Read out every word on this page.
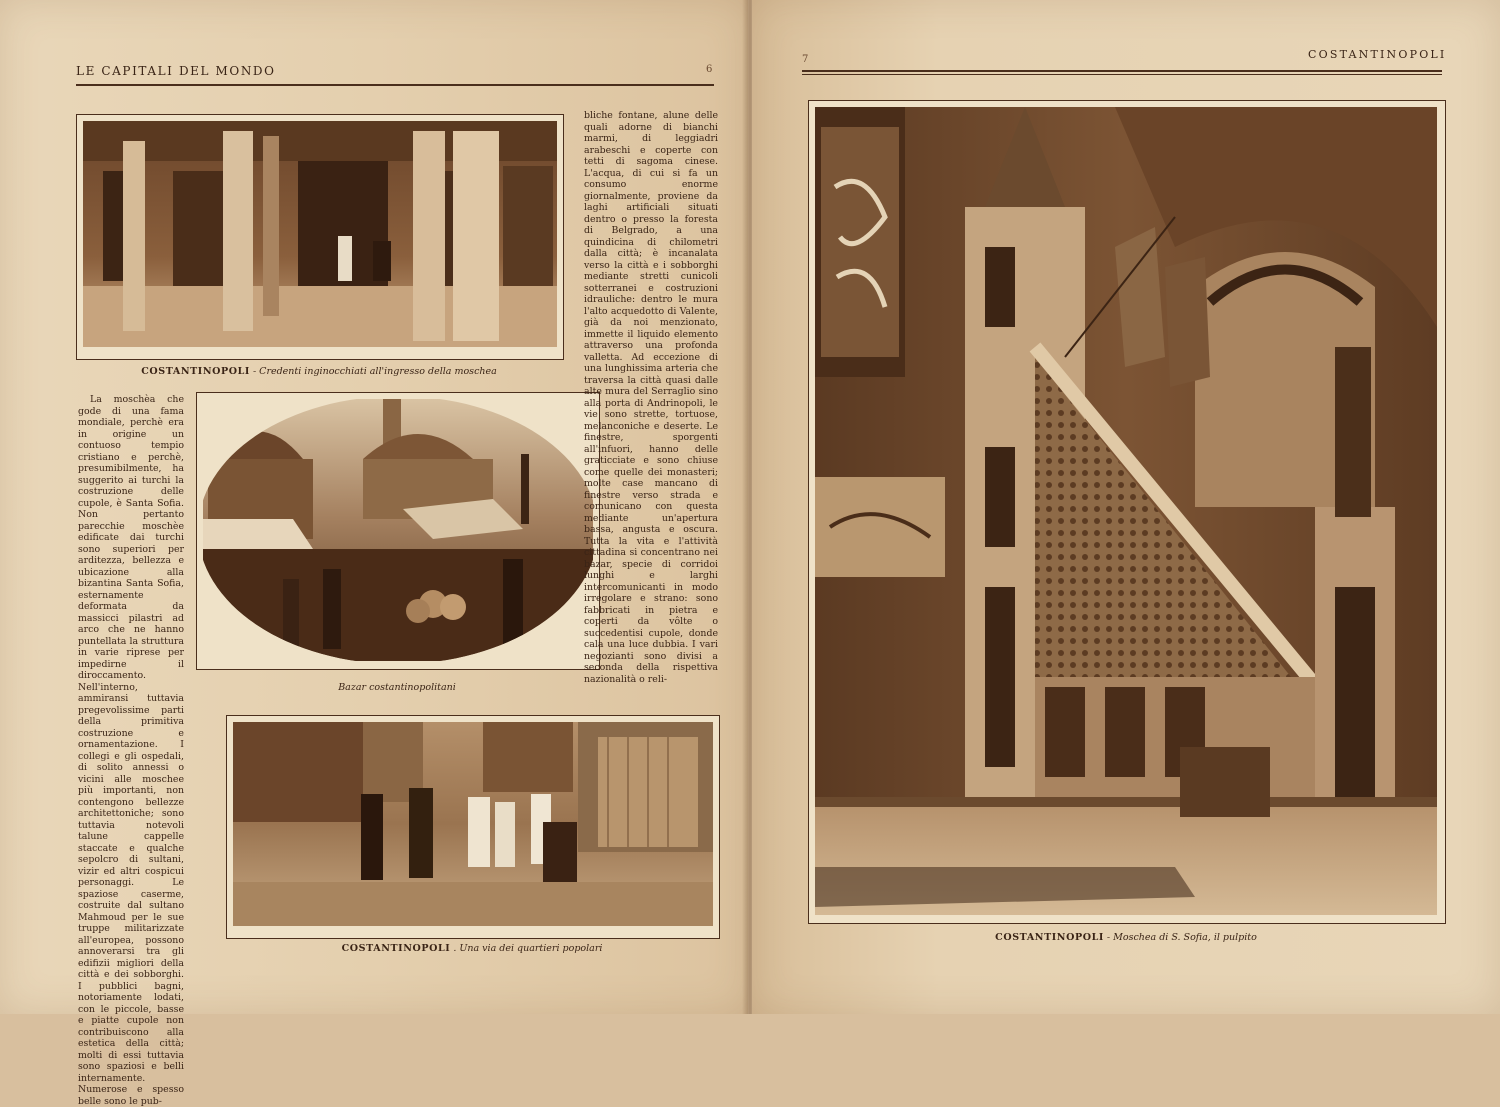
LE CAPITALI DEL MONDO	6
COSTANTINOPOLI - Credenti inginocchiati all'ingresso della moschea

La moschèa che gode di una fama mondiale, perchè era in origine un contuoso tempio cristiano e perchè, presumibilmente, ha suggerito ai turchi la costruzione delle cupole, è Santa Sofia. Non pertanto parecchie moschèe edificate dai turchi sono superiori per arditezza, bellezza e ubicazione alla bizantina Santa Sofia, esternamente deformata da massicci pilastri ad arco che ne hanno puntellata la struttura in varie riprese per impedirne il diroccamento. Nell'interno, ammiransi tuttavia pregevolissime parti della primitiva costruzione e ornamentazione. I collegi e gli ospedali, di solito annessi o vicini alle moschee più importanti, non contengono bellezze architettoniche; sono tuttavia notevoli talune cappelle staccate e qualche sepolcro di sultani, vizir ed altri cospicui personaggi. Le spaziose caserme, costruite dal sultano Mahmoud per le sue truppe militarizzate all'europea, possono annoverarsi tra gli edifizii migliori della città e dei sobborghi. I pubblici bagni, notoriamente lodati, con le piccole, basse e piatte cupole non contribuiscono alla estetica della città; molti di essi tuttavia sono spaziosi e belli internamente. Numerose e spesso belle sono le pub-

Bazar costantinopolitani

bliche fontane, alune delle quali adorne di bianchi marmi, di leggiadri arabeschi e coperte con tetti di sagoma cinese. L'acqua, di cui si fa un consumo enorme giornalmente, proviene da laghi artificiali situati dentro o presso la foresta di Belgrado, a una quindicina di chilometri dalla città; è incanalata verso la città e i sobborghi mediante stretti cunicoli sotterranei e costruzioni idrauliche: dentro le mura l'alto acquedotto di Valente, già da noi menzionato, immette il liquido elemento attraverso una profonda valletta. Ad eccezione di una lunghissima arteria che traversa la città quasi dalle alte mura del Serraglio sino alla porta di Andrinopoli, le vie sono strette, tortuose, melanconiche e deserte. Le finestre, sporgenti all'infuori, hanno delle graticciate e sono chiuse come quelle dei monasteri; molte case mancano di finestre verso strada e comunicano con questa mediante un'apertura bassa, angusta e oscura. Tutta la vita e l'attività cittadina si concentrano nei bazar, specie di corridoi lunghi e larghi intercomunicanti in modo irregolare e strano: sono fabbricati in pietra e coperti da vôlte o succedentisi cupole, donde cala una luce dubbia. I vari negozianti sono divisi a seconda della rispettiva nazionalità o reli-

COSTANTINOPOLI . Una via dei quartieri popolari
7	COSTANTINOPOLI
COSTANTINOPOLI - Moschea di S. Sofia, il pulpito
